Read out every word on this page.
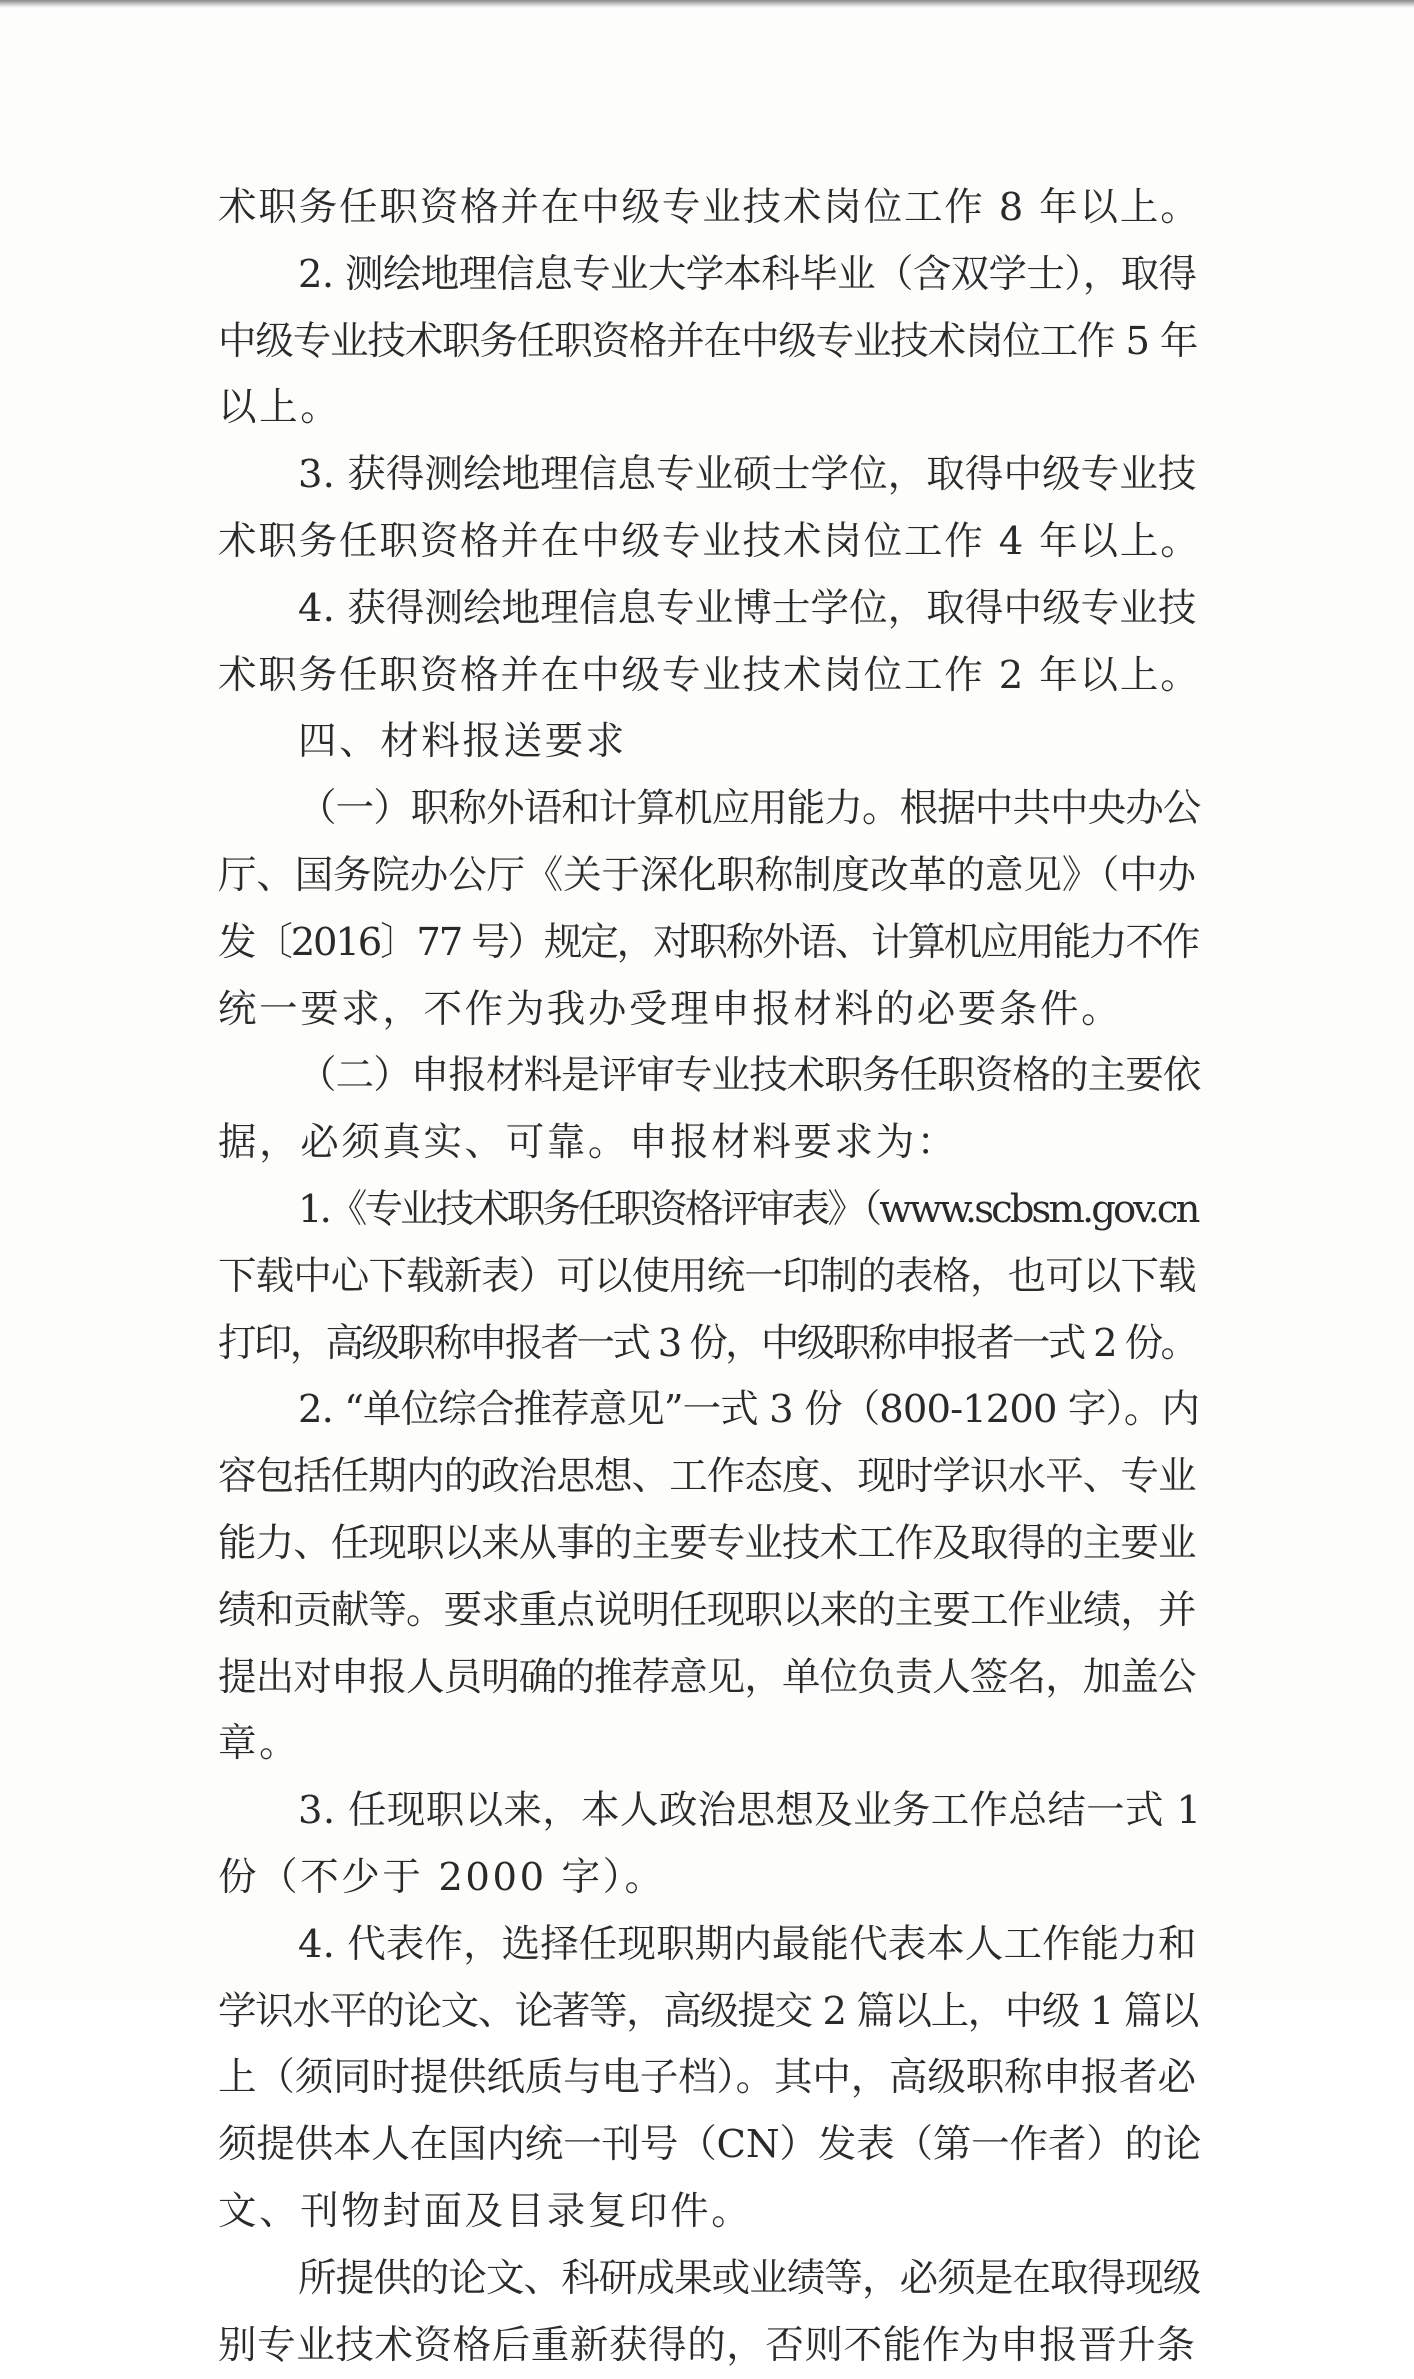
术职务任职资格并在中级专业技术岗位工作 8 年以上。
2. 测绘地理信息专业大学本科毕业（含双学士），取得
中级专业技术职务任职资格并在中级专业技术岗位工作 5 年
以上。
3. 获得测绘地理信息专业硕士学位，取得中级专业技
术职务任职资格并在中级专业技术岗位工作 4 年以上。
4. 获得测绘地理信息专业博士学位，取得中级专业技
术职务任职资格并在中级专业技术岗位工作 2 年以上。
四、材料报送要求
（一）职称外语和计算机应用能力。根据中共中央办公
厅、国务院办公厅《关于深化职称制度改革的意见》（中办
发〔2016〕77 号）规定，对职称外语、计算机应用能力不作
统一要求，不作为我办受理申报材料的必要条件。
（二）申报材料是评审专业技术职务任职资格的主要依
据，必须真实、可靠。申报材料要求为：
1.《专业技术职务任职资格评审表》（www.scbsm.gov.cn
下载中心下载新表）可以使用统一印制的表格，也可以下载
打印，高级职称申报者一式 3 份，中级职称申报者一式 2 份。
2. “单位综合推荐意见”一式 3 份（800-1200 字）。内
容包括任期内的政治思想、工作态度、现时学识水平、专业
能力、任现职以来从事的主要专业技术工作及取得的主要业
绩和贡献等。要求重点说明任现职以来的主要工作业绩，并
提出对申报人员明确的推荐意见，单位负责人签名，加盖公
章。
3. 任现职以来，本人政治思想及业务工作总结一式 1
份（不少于 2000 字）。
4. 代表作，选择任现职期内最能代表本人工作能力和
学识水平的论文、论著等，高级提交 2 篇以上，中级 1 篇以
上（须同时提供纸质与电子档）。其中，高级职称申报者必
须提供本人在国内统一刊号（CN）发表（第一作者）的论
文、刊物封面及目录复印件。
所提供的论文、科研成果或业绩等，必须是在取得现级
别专业技术资格后重新获得的，否则不能作为申报晋升条
